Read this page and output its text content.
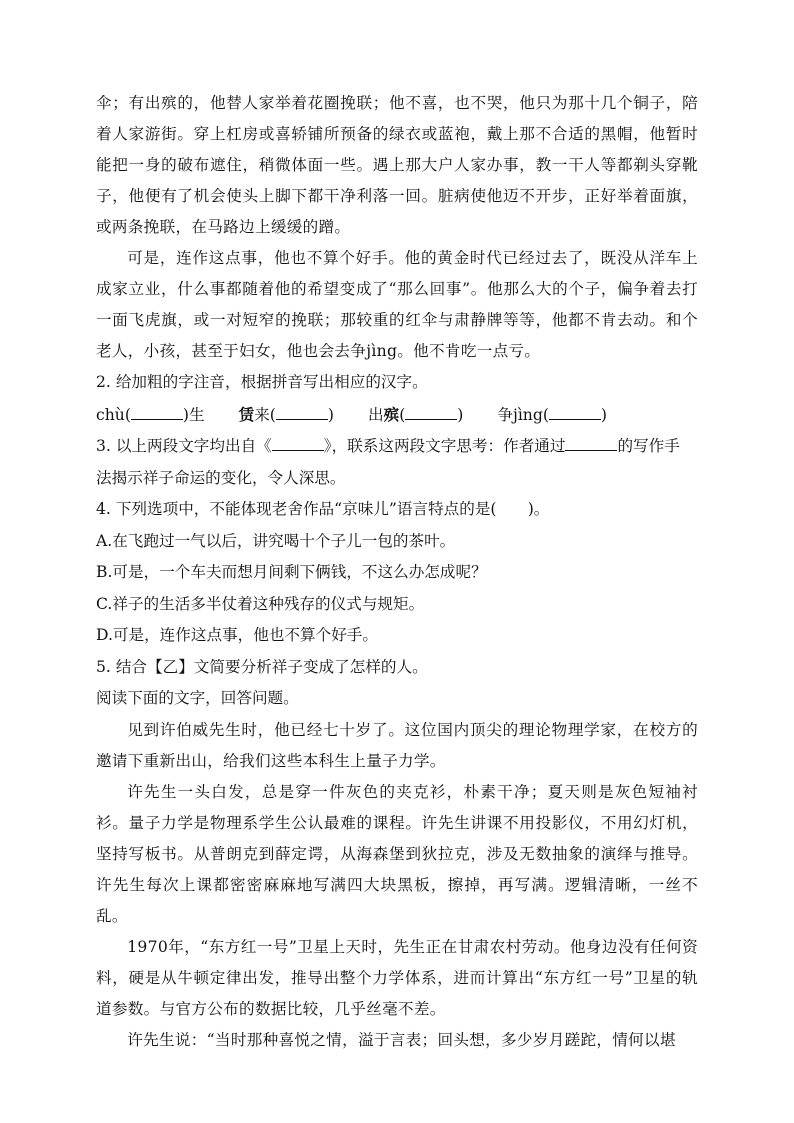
伞；有出殡的，他替人家举着花圈挽联；他不喜，也不哭，他只为那十几个铜子，陪着人家游街。穿上杠房或喜轿铺所预备的绿衣或蓝袍，戴上那不合适的黑帽，他暂时能把一身的破布遮住，稍微体面一些。遇上那大户人家办事，教一干人等都剃头穿靴子，他便有了机会使头上脚下都干净利落一回。脏病使他迈不开步，正好举着面旗，或两条挽联，在马路边上缓缓的蹭。

可是，连作这点事，他也不算个好手。他的黄金时代已经过去了，既没从洋车上成家立业，什么事都随着他的希望变成了“那么回事”。他那么大的个子，偏争着去打一面飞虎旗，或一对短窄的挽联；那较重的红伞与肃静牌等等，他都不肯去动。和个老人，小孩，甚至于妇女，他也会去争jìng。他不肯吃一点亏。

2. 给加粗的字注音，根据拼音写出相应的汉字。

chù(	)生 赁来(	) 出殡(	) 争jìng(	)

3. 以上两段文字均出自《	》，联系这两段文字思考：作者通过	的写作手

法揭示祥子命运的变化，令人深思。

4. 下列选项中，不能体现老舍作品“京味儿”语言特点的是(　　)。

A.在飞跑过一气以后，讲究喝十个子儿一包的茶叶。

B.可是，一个车夫而想月间剩下俩钱，不这么办怎成呢？

C.祥子的生活多半仗着这种残存的仪式与规矩。

D.可是，连作这点事，他也不算个好手。

5. 结合【乙】文简要分析祥子变成了怎样的人。

阅读下面的文字，回答问题。

见到许伯威先生时，他已经七十岁了。这位国内顶尖的理论物理学家，在校方的邀请下重新出山，给我们这些本科生上量子力学。

许先生一头白发，总是穿一件灰色的夹克衫，朴素干净；夏天则是灰色短袖衬衫。量子力学是物理系学生公认最难的课程。许先生讲课不用投影仪，不用幻灯机，坚持写板书。从普朗克到薛定谔，从海森堡到狄拉克，涉及无数抽象的演绎与推导。许先生每次上课都密密麻麻地写满四大块黑板，擦掉，再写满。逻辑清晰，一丝不乱。

1970年，“东方红一号”卫星上天时，先生正在甘肃农村劳动。他身边没有任何资料，硬是从牛顿定律出发，推导出整个力学体系，进而计算出“东方红一号”卫星的轨道参数。与官方公布的数据比较，几乎丝毫不差。

许先生说：“当时那种喜悦之情，溢于言表；回头想，多少岁月蹉跎，情何以堪
